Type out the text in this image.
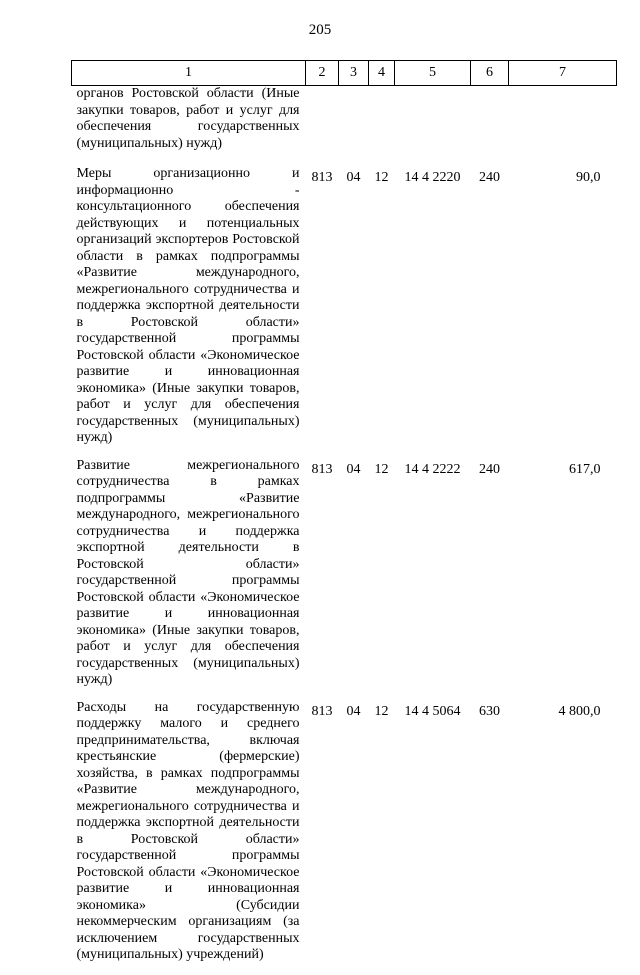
205
1	2	3	4	5	6	7
органов Ростовской области (Иные закупки товаров, работ и услуг для обеспечения государственных (муниципальных) нужд)						
Меры организационно и информационно - консультационного обеспечения действующих и потенциальных организаций экспортеров Ростовской области в рамках подпрограммы «Развитие международного, межрегионального сотрудничества и поддержка экспортной деятельности в Ростовской области» государственной программы Ростовской области «Экономическое развитие и инновационная экономика» (Иные закупки товаров, работ и услуг для обеспечения государственных (муниципальных) нужд)	813	04	12	14 4 2220	240	90,0
Развитие межрегионального сотрудничества в рамках подпрограммы «Развитие международного, межрегионального сотрудничества и поддержка экспортной деятельности в Ростовской области» государственной программы Ростовской области «Экономическое развитие и инновационная экономика» (Иные закупки товаров, работ и услуг для обеспечения государственных (муниципальных) нужд)	813	04	12	14 4 2222	240	617,0
Расходы на государственную поддержку малого и среднего предпринимательства, включая крестьянские (фермерские) хозяйства, в рамках подпрограммы «Развитие международного, межрегионального сотрудничества и поддержка экспортной деятельности в Ростовской области» государственной программы Ростовской области «Экономическое развитие и инновационная экономика» (Субсидии некоммерческим организациям (за исключением государственных (муниципальных) учреждений)	813	04	12	14 4 5064	630	4 800,0
